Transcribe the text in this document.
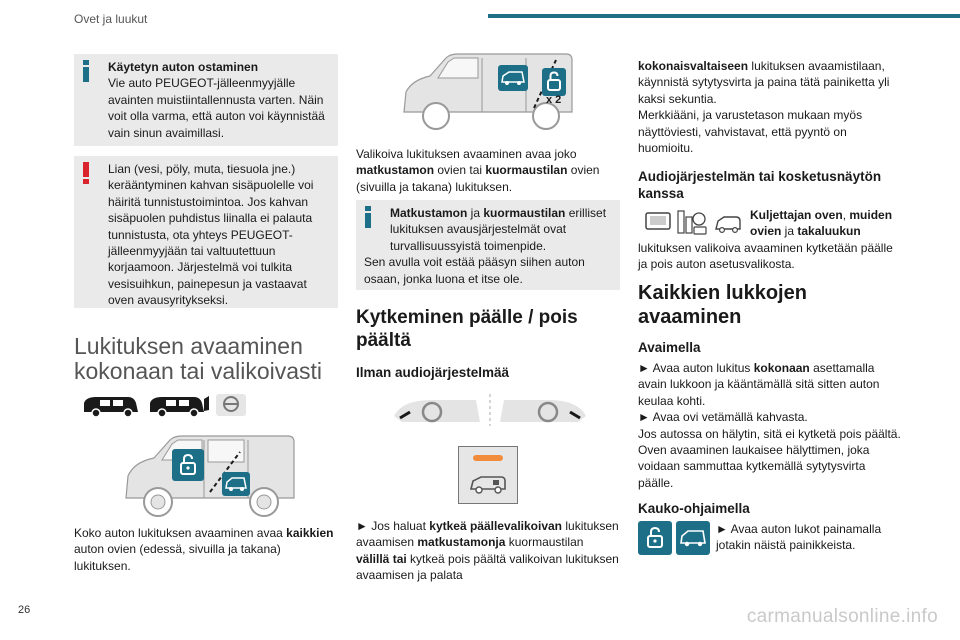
Ovet ja luukut
26	carmanualsonline.info
Käytetyn auton ostaminen
Vie auto PEUGEOT-jälleenmyyjälle avainten muistiintallennusta varten. Näin voit olla varma, että auton voi käynnistää vain sinun avaimillasi.
Lian (vesi, pöly, muta, tiesuola jne.) kerääntyminen kahvan sisäpuolelle voi häiritä tunnistustoimintoa. Jos kahvan sisäpuolen puhdistus liinalla ei palauta tunnistusta, ota yhteys PEUGEOT-jälleenmyyjään tai valtuutettuun korjaamoon. Järjestelmä voi tulkita vesisuihkun, painepesun ja vastaavat oven avausyritykseksi.
Lukituksen avaaminen kokonaan tai valikoivasti
Koko auton lukituksen avaaminen avaa kaikkien auton ovien (edessä, sivuilla ja takana) lukituksen.
x 2
Valikoiva lukituksen avaaminen avaa joko matkustamon ovien tai kuormaustilan ovien (sivuilla ja takana) lukituksen.
Matkustamon ja kuormaustilan erilliset lukituksen avausjärjestelmät ovat turvallisuussyistä toimenpide.
Sen avulla voit estää pääsyn siihen auton osaan, jonka luona et itse ole.
Kytkeminen päälle / pois päältä
Ilman audiojärjestelmää
► Jos haluat kytkeä päällevalikoivan lukituksen avaamisen matkustamonja kuormaustilan välillä tai kytkeä pois päältä valikoivan lukituksen avaamisen ja palata
kokonaisvaltaiseen lukituksen avaamistilaan, käynnistä sytytysvirta ja paina tätä painiketta yli kaksi sekuntia.
Merkkiääni, ja varustetason mukaan myös näyttöviesti, vahvistavat, että pyyntö on huomioitu.
Audiojärjestelmän tai kosketusnäytön kanssa
Kuljettajan oven, muiden ovien ja takaluukun
lukituksen valikoiva avaaminen kytketään päälle ja pois auton asetusvalikosta.
Kaikkien lukkojen avaaminen
Avaimella
► Avaa auton lukitus kokonaan asettamalla avain lukkoon ja kääntämällä sitä sitten auton keulaa kohti.
► Avaa ovi vetämällä kahvasta.
Jos autossa on hälytin, sitä ei kytketä pois päältä. Oven avaaminen laukaisee hälyttimen, joka voidaan sammuttaa kytkemällä sytytysvirta päälle.
Kauko-ohjaimella
► Avaa auton lukot painamalla jotakin näistä painikkeista.
